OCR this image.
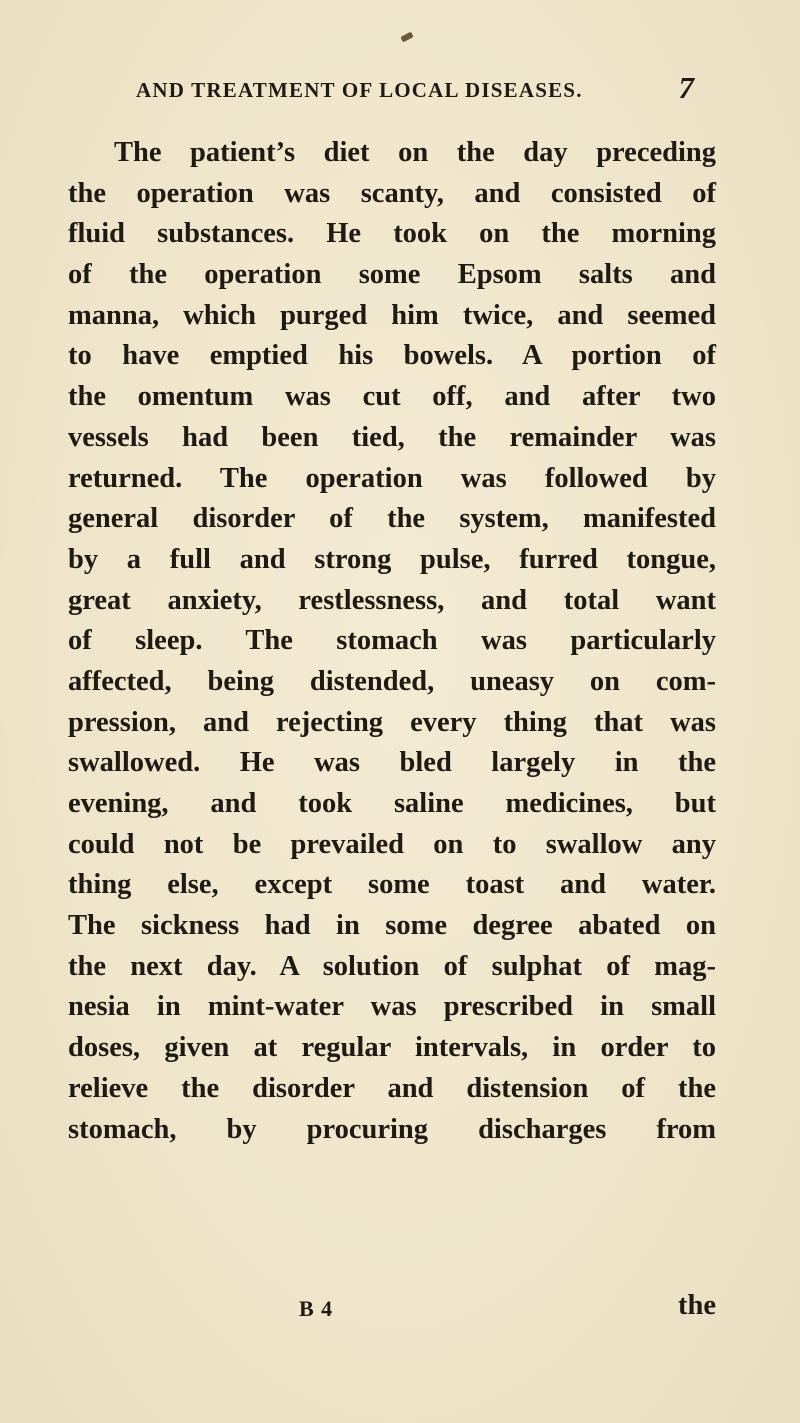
AND TREATMENT OF LOCAL DISEASES.	7
The patient’s diet on the day preceding
the operation was scanty, and consisted of
fluid substances. He took on the morning
of the operation some Epsom salts and
manna, which purged him twice, and seemed
to have emptied his bowels. A portion of
the omentum was cut off, and after two
vessels had been tied, the remainder was
returned. The operation was followed by
general disorder of the system, manifested
by a full and strong pulse, furred tongue,
great anxiety, restlessness, and total want
of sleep. The stomach was particularly
affected, being distended, uneasy on com-
pression, and rejecting every thing that was
swallowed. He was bled largely in the
evening, and took saline medicines, but
could not be prevailed on to swallow any
thing else, except some toast and water.
The sickness had in some degree abated on
the next day. A solution of sulphat of mag-
nesia in mint-water was prescribed in small
doses, given at regular intervals, in order to
relieve the disorder and distension of the
stomach, by procuring discharges from
B 4	the
